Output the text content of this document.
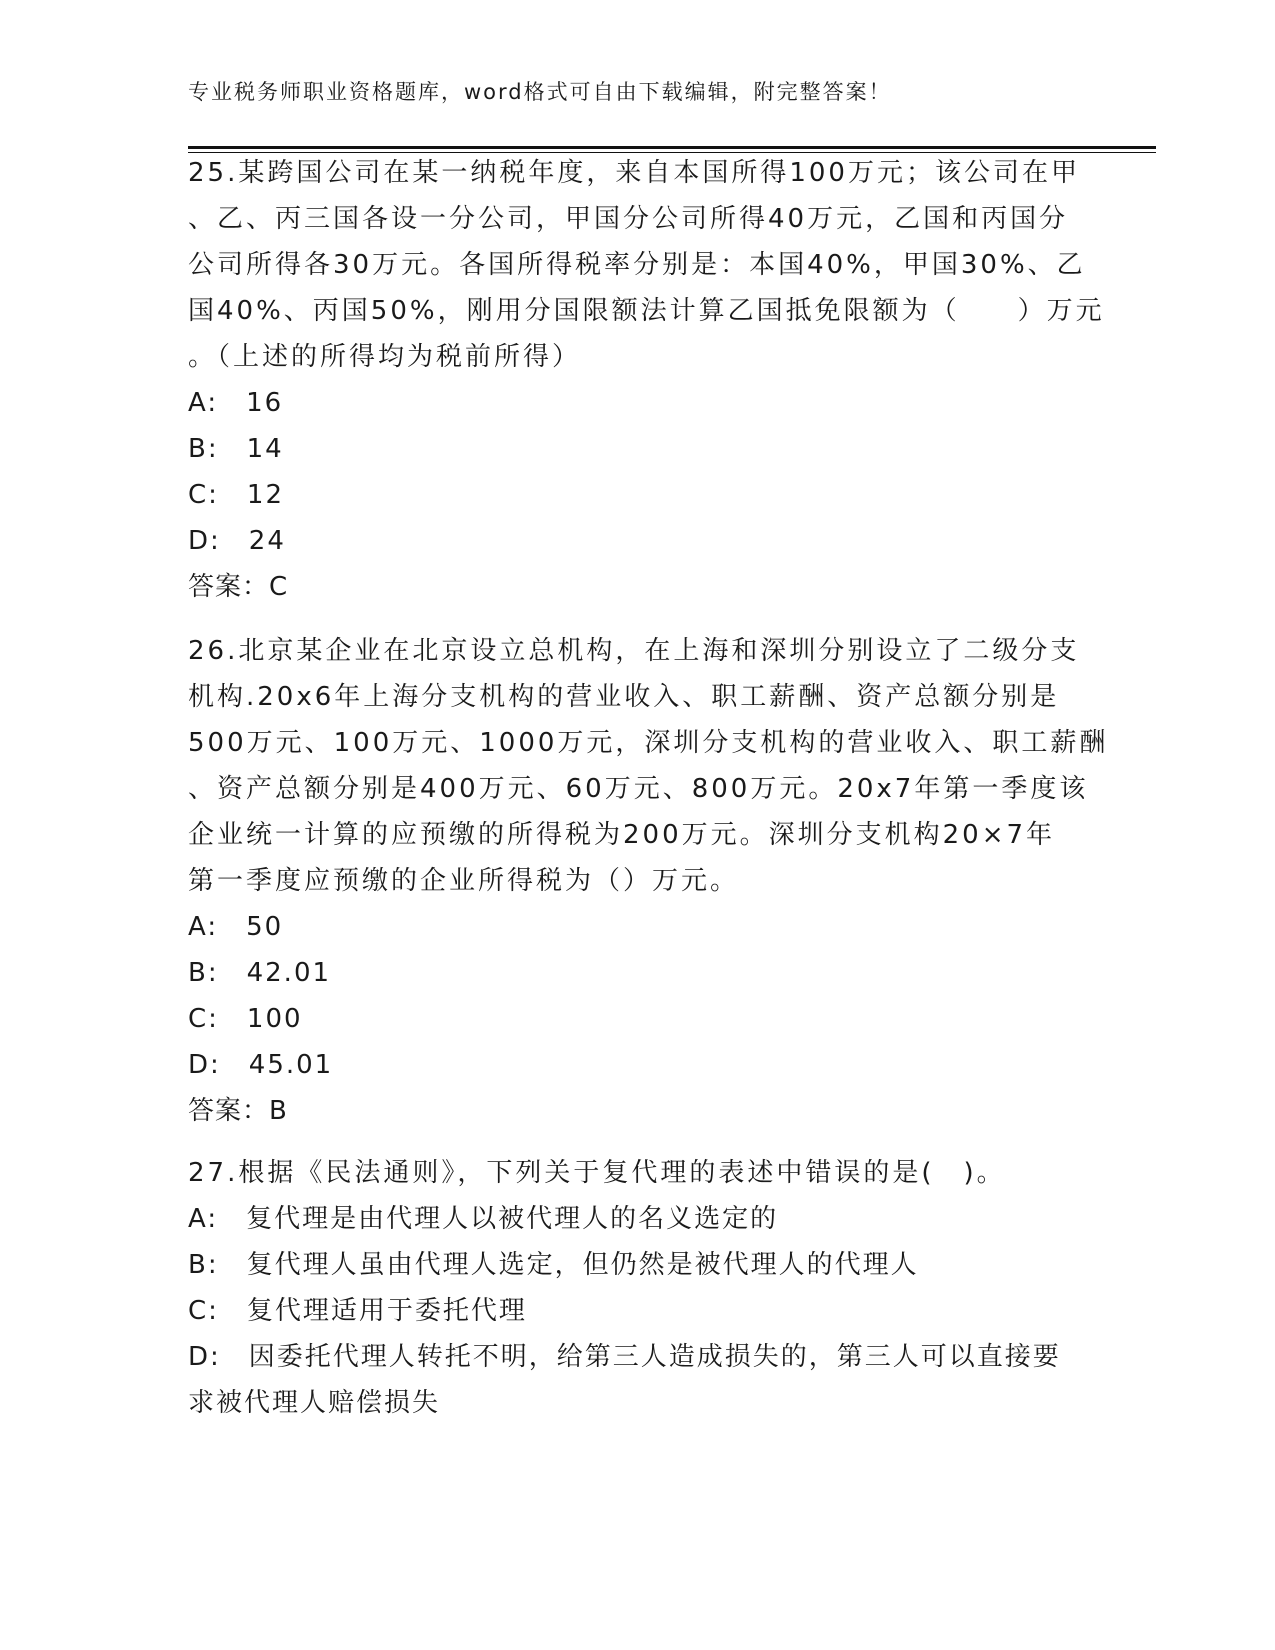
专业税务师职业资格题库，word格式可自由下载编辑，附完整答案！
25.某跨国公司在某一纳税年度，来自本国所得100万元；该公司在甲
、乙、丙三国各设一分公司，甲国分公司所得40万元，乙国和丙国分
公司所得各30万元。各国所得税率分别是：本国40%，甲国30%、乙
国40%、丙国50%，刚用分国限额法计算乙国抵免限额为（　　）万元
。（上述的所得均为税前所得）
A:　16
B:　14
C:　12
D:　24
答案：C
26.北京某企业在北京设立总机构，在上海和深圳分别设立了二级分支
机构.20x6年上海分支机构的营业收入、职工薪酬、资产总额分别是
500万元、100万元、1000万元，深圳分支机构的营业收入、职工薪酬
、资产总额分别是400万元、60万元、800万元。20x7年第一季度该
企业统一计算的应预缴的所得税为200万元。深圳分支机构20×7年
第一季度应预缴的企业所得税为（）万元。
A:　50
B:　42.01
C:　100
D:　45.01
答案：B
27.根据《民法通则》，下列关于复代理的表述中错误的是(　)。
A:　复代理是由代理人以被代理人的名义选定的
B:　复代理人虽由代理人选定，但仍然是被代理人的代理人
C:　复代理适用于委托代理
D:　因委托代理人转托不明，给第三人造成损失的，第三人可以直接要
求被代理人赔偿损失
